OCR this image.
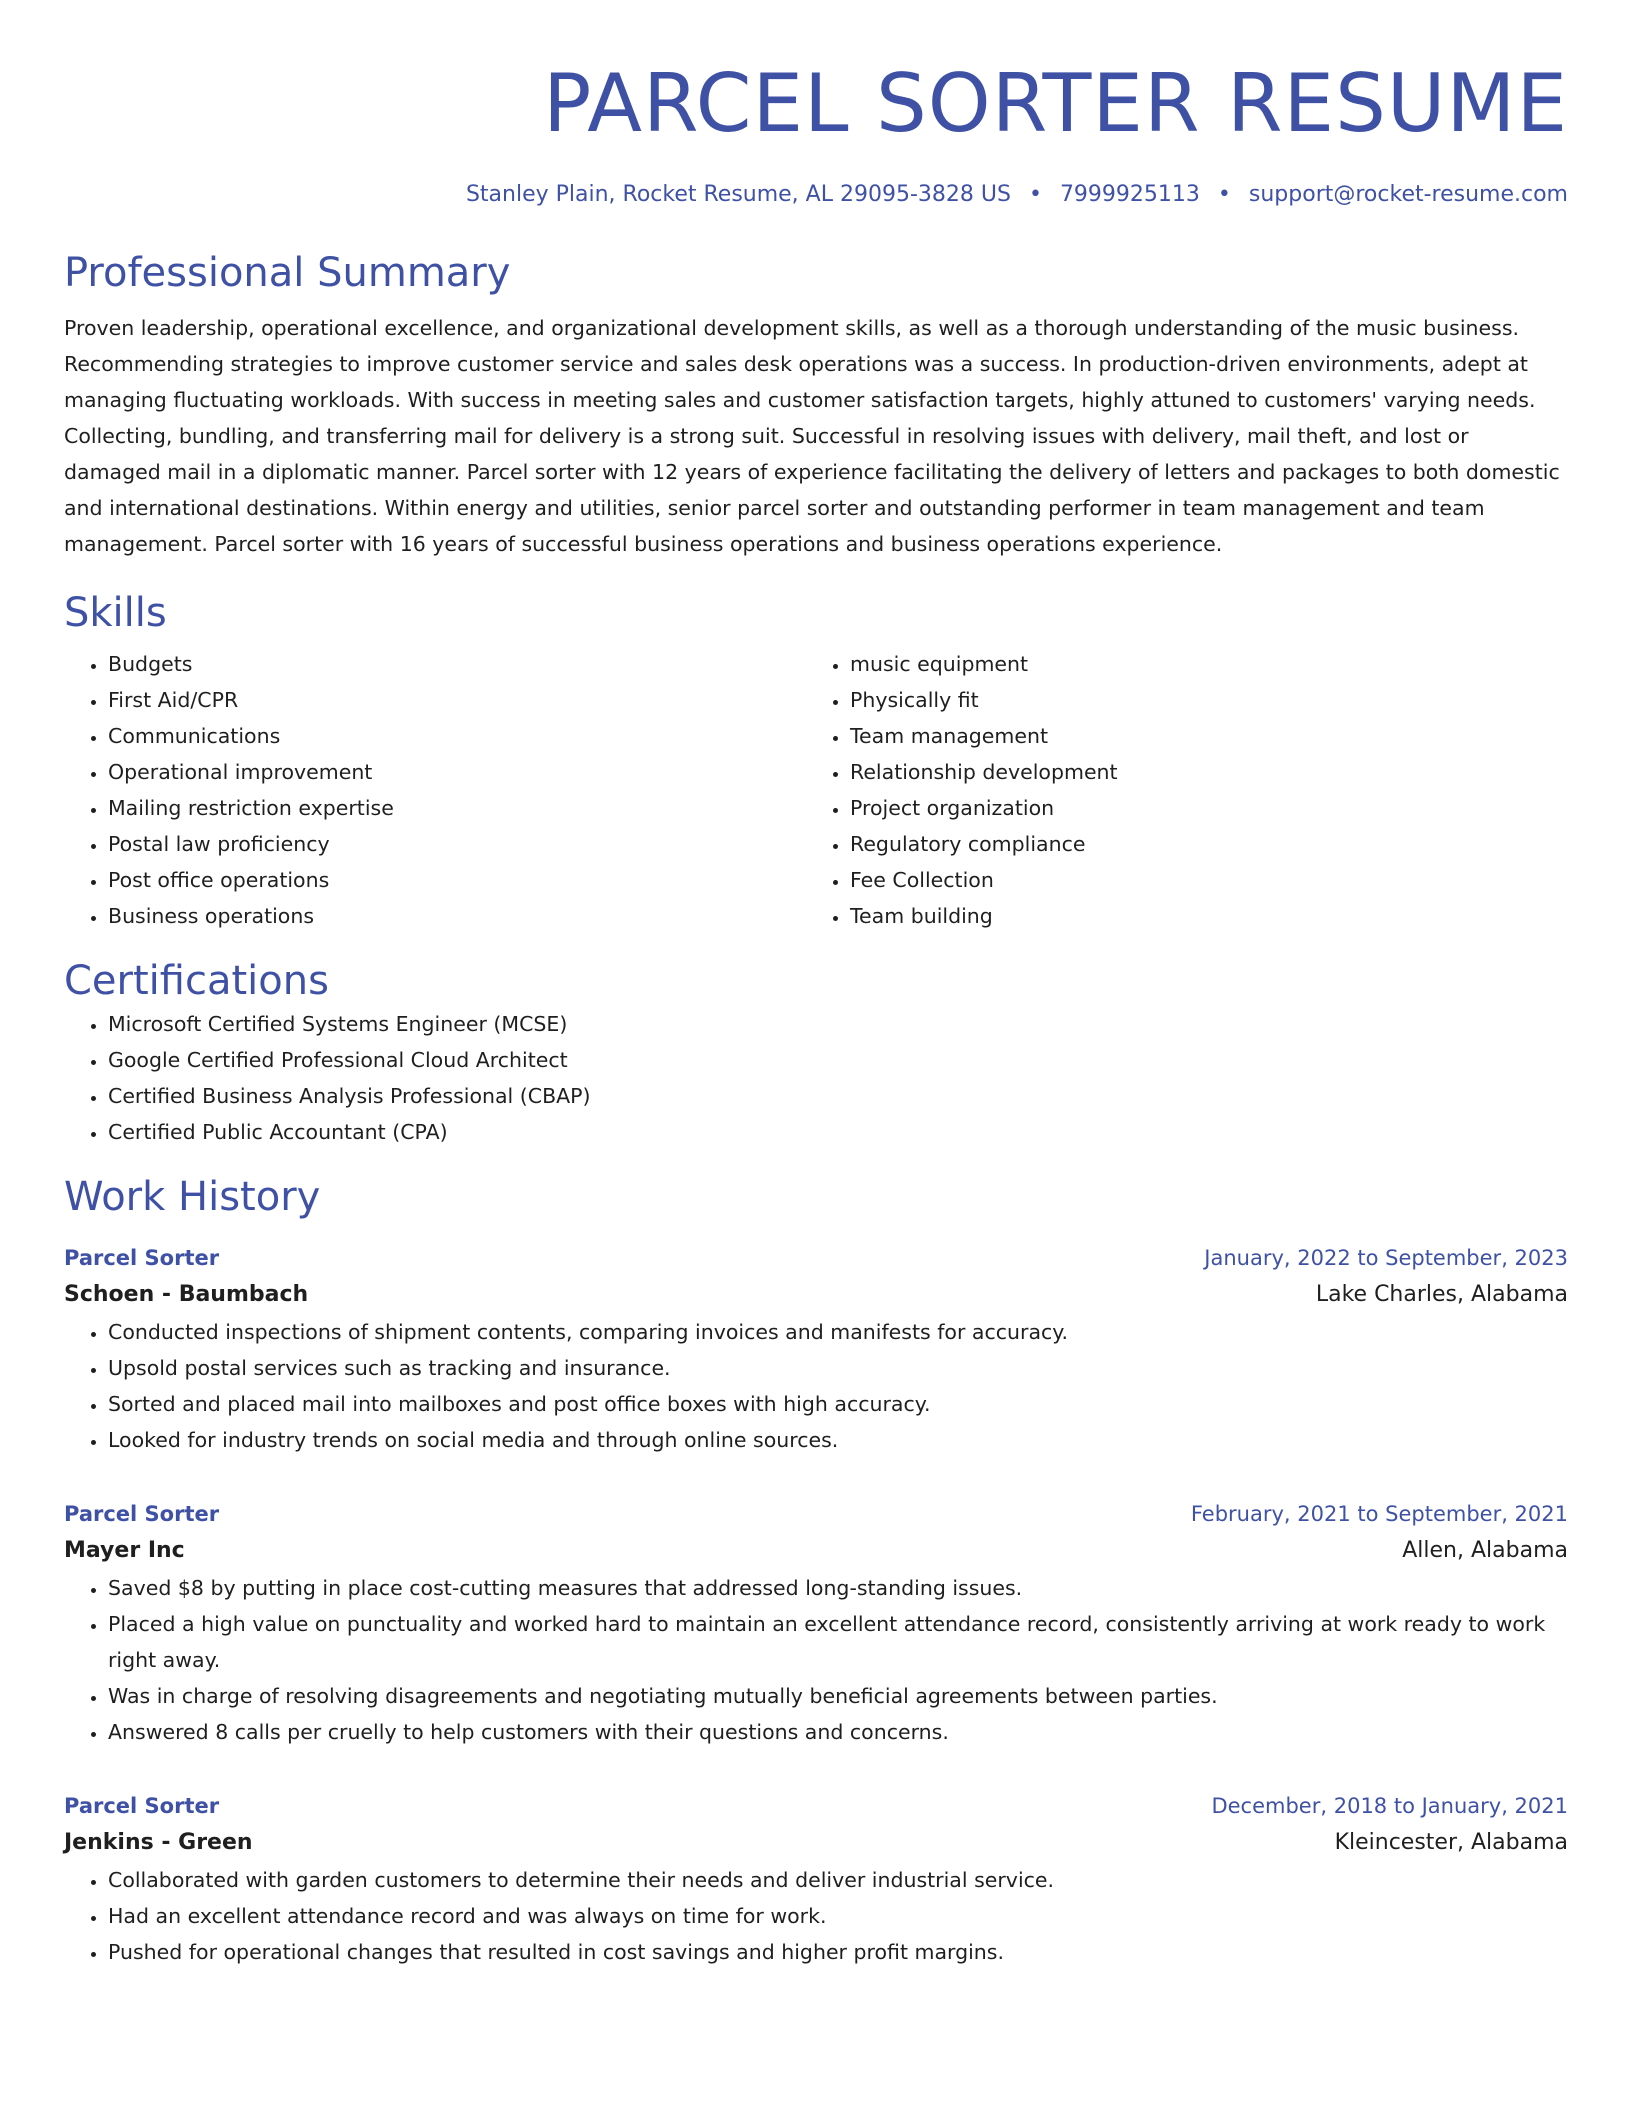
PARCEL SORTER RESUME
Stanley Plain, Rocket Resume, AL 29095-3828 US • 7999925113 • support@rocket-resume.com
Professional Summary
Proven leadership, operational excellence, and organizational development skills, as well as a thorough understanding of the music business. Recommending strategies to improve customer service and sales desk operations was a success. In production-driven environments, adept at managing fluctuating workloads. With success in meeting sales and customer satisfaction targets, highly attuned to customers' varying needs. Collecting, bundling, and transferring mail for delivery is a strong suit. Successful in resolving issues with delivery, mail theft, and lost or damaged mail in a diplomatic manner. Parcel sorter with 12 years of experience facilitating the delivery of letters and packages to both domestic and international destinations. Within energy and utilities, senior parcel sorter and outstanding performer in team management and team management. Parcel sorter with 16 years of successful business operations and business operations experience.
Skills
• Budgets
• First Aid/CPR
• Communications
• Operational improvement
• Mailing restriction expertise
• Postal law proficiency
• Post office operations
• Business operations
• music equipment
• Physically fit
• Team management
• Relationship development
• Project organization
• Regulatory compliance
• Fee Collection
• Team building
Certifications
• Microsoft Certified Systems Engineer (MCSE)
• Google Certified Professional Cloud Architect
• Certified Business Analysis Professional (CBAP)
• Certified Public Accountant (CPA)
Work History
Parcel Sorter	January, 2022 to September, 2023
Schoen - Baumbach	Lake Charles, Alabama
• Conducted inspections of shipment contents, comparing invoices and manifests for accuracy.
• Upsold postal services such as tracking and insurance.
• Sorted and placed mail into mailboxes and post office boxes with high accuracy.
• Looked for industry trends on social media and through online sources.
Parcel Sorter	February, 2021 to September, 2021
Mayer Inc	Allen, Alabama
• Saved $8 by putting in place cost-cutting measures that addressed long-standing issues.
• Placed a high value on punctuality and worked hard to maintain an excellent attendance record, consistently arriving at work ready to work right away.
• Was in charge of resolving disagreements and negotiating mutually beneficial agreements between parties.
• Answered 8 calls per cruelly to help customers with their questions and concerns.
Parcel Sorter	December, 2018 to January, 2021
Jenkins - Green	Kleincester, Alabama
• Collaborated with garden customers to determine their needs and deliver industrial service.
• Had an excellent attendance record and was always on time for work.
• Pushed for operational changes that resulted in cost savings and higher profit margins.
